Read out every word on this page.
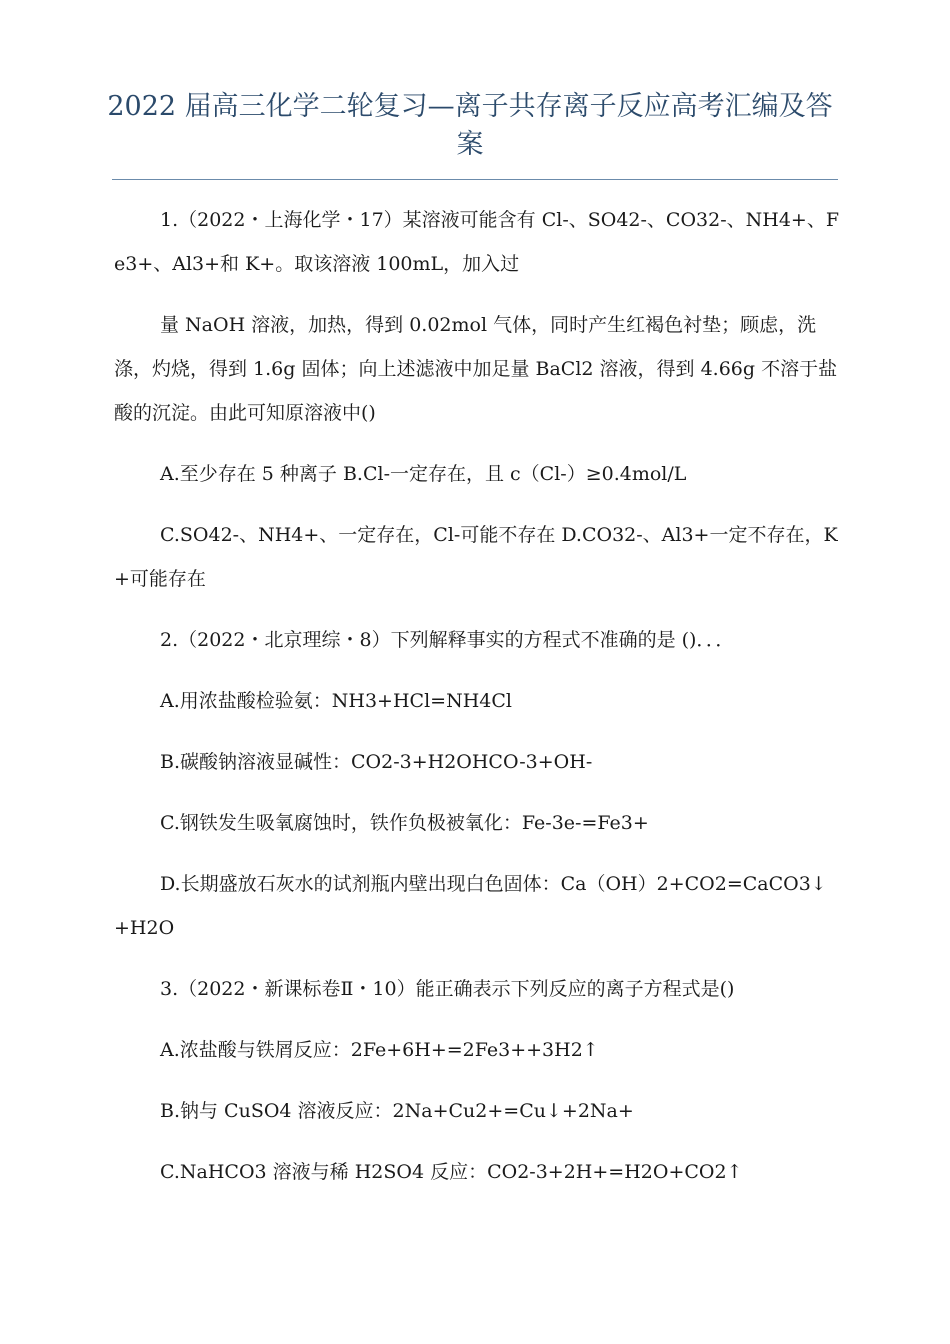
2022 届高三化学二轮复习—离子共存离子反应高考汇编及答案

1.（2022・上海化学・17）某溶液可能含有 Cl-、SO42-、CO32-、NH4+、Fe3+、Al3+和 K+。取该溶液 100mL，加入过

量 NaOH 溶液，加热，得到 0.02mol 气体，同时产生红褐色衬垫；顾虑，洗涤，灼烧，得到 1.6g 固体；向上述滤液中加足量 BaCl2 溶液，得到 4.66g 不溶于盐酸的沉淀。由此可知原溶液中()

A.至少存在 5 种离子 B.Cl-一定存在，且 c（Cl-）≥0.4mol/L

C.SO42-、NH4+、一定存在，Cl-可能不存在 D.CO32-、Al3+一定不存在，K+可能存在

2.（2022・北京理综・8）下列解释事实的方程式不准确的是 ()．．．

A.用浓盐酸检验氨：NH3+HCl=NH4Cl

B.碳酸钠溶液显碱性：CO2-3+H2OHCO-3+OH-

C.钢铁发生吸氧腐蚀时，铁作负极被氧化：Fe-3e-=Fe3+

D.长期盛放石灰水的试剂瓶内壁出现白色固体：Ca（OH）2+CO2=CaCO3↓+H2O

3.（2022・新课标卷Ⅱ・10）能正确表示下列反应的离子方程式是()

A.浓盐酸与铁屑反应：2Fe+6H+=2Fe3++3H2↑

B.钠与 CuSO4 溶液反应：2Na+Cu2+=Cu↓+2Na+

C.NaHCO3 溶液与稀 H2SO4 反应：CO2-3+2H+=H2O+CO2↑
